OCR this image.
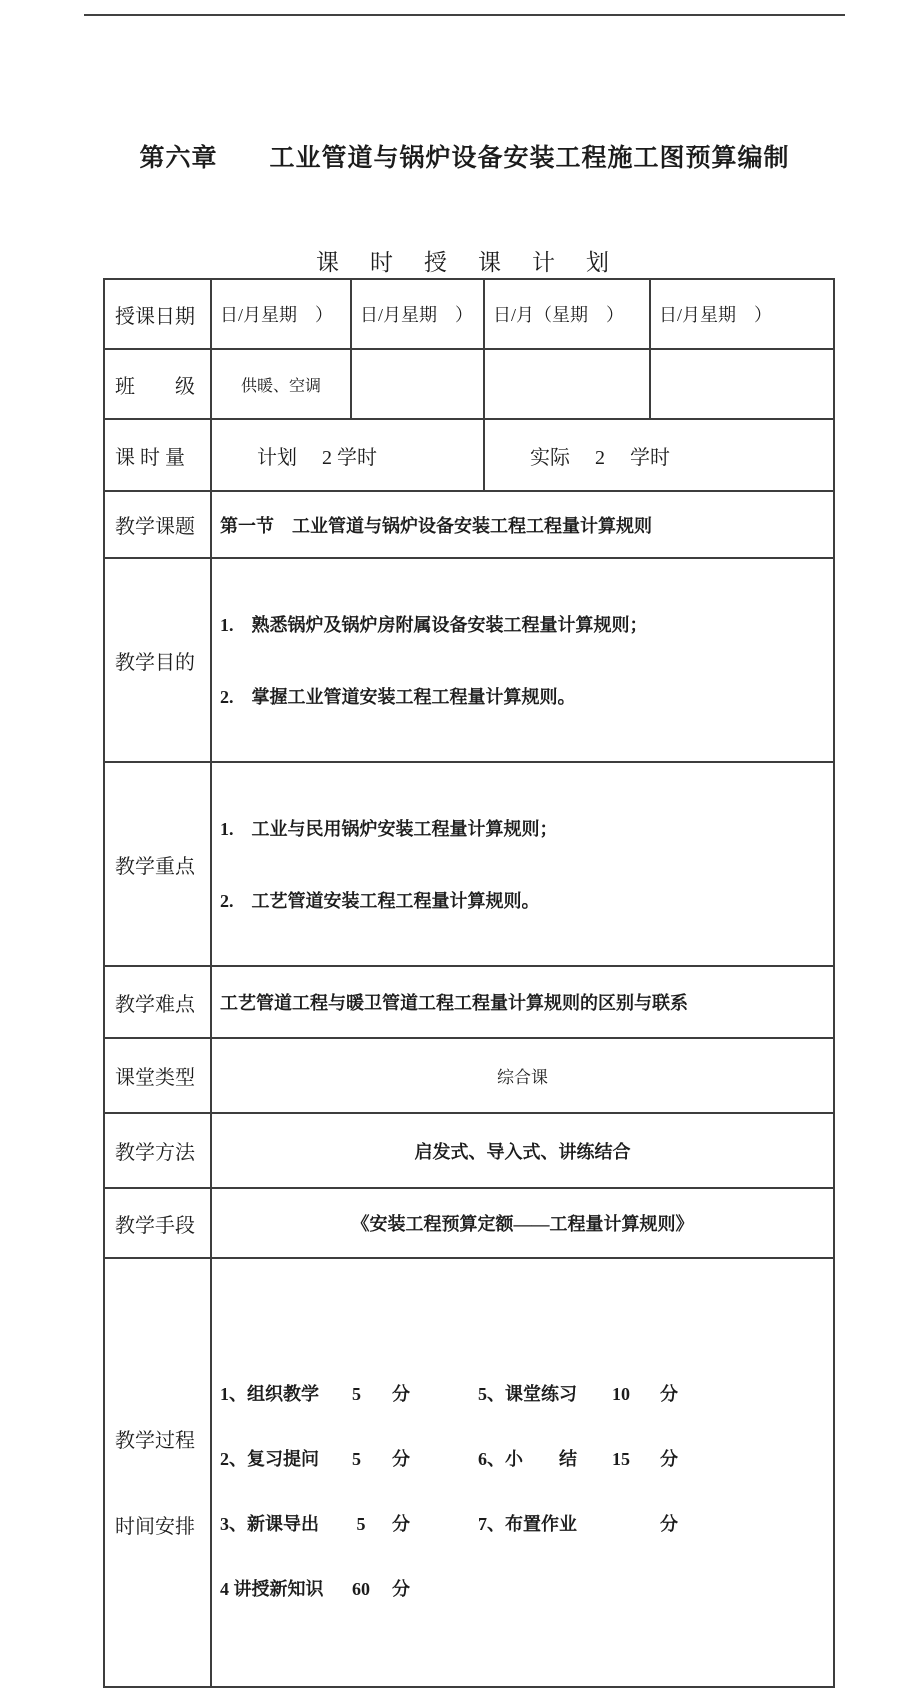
第六章　　工业管道与锅炉设备安装工程施工图预算编制
课　时　授　课　计　划
授课日期	日/月星期　）	日/月星期　）	日/月（星期　）	日/月星期　）
班　　级	供暖、空调			
课 时 量	计划　 2 学时		实际　 2 　学时	
教学课题	第一节　工业管道与锅炉设备安装工程工程量计算规则			
教学目的	1.　熟悉锅炉及锅炉房附属设备安装工程量计算规则；

2.　掌握工业管道安装工程工程量计算规则。			

教学重点	1.　工业与民用锅炉安装工程量计算规则；

2.　工艺管道安装工程工程量计算规则。			

教学难点	工艺管道工程与暖卫管道工程工程量计算规则的区别与联系			
课堂类型	综合课			
教学方法	启发式、导入式、讲练结合			
教学手段	《安装工程预算定额——工程量计算规则》			

教学过程

时间安排

1、组织教学	5	分

2、复习提问	5	分

3、新课导出	5	分

4 讲授新知识	60	分

5、课堂练习	10	分

6、小　　结	15	分

7、布置作业	分
